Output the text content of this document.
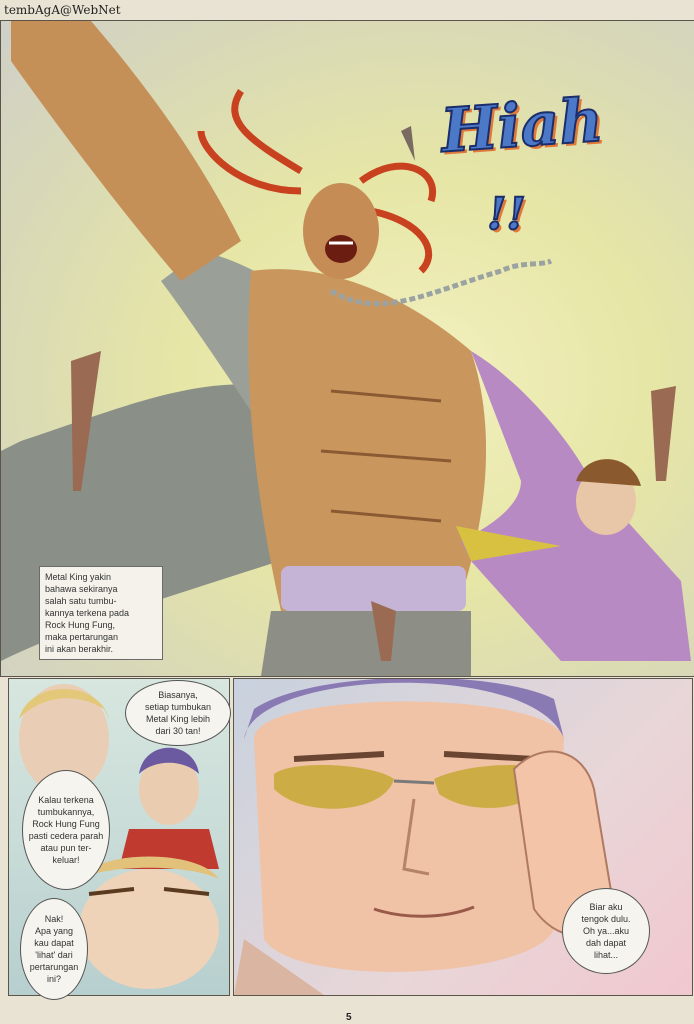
tembAgA@WebNet
Hiah
!!
Metal King yakin
bahawa sekiranya
salah satu tumbu-
kannya terkena pada
Rock Hung Fung,
maka pertarungan
ini akan berakhir.
Biasanya,
setiap tumbukan
Metal King lebih
dari 30 tan!
Kalau terkena
tumbukannya,
Rock Hung Fung
pasti cedera parah
atau pun ter-
keluar!
Nak!
Apa yang
kau dapat
'lihat' dari
pertarungan
ini?
Biar aku
tengok dulu.
Oh ya...aku
dah dapat
lihat...
5
